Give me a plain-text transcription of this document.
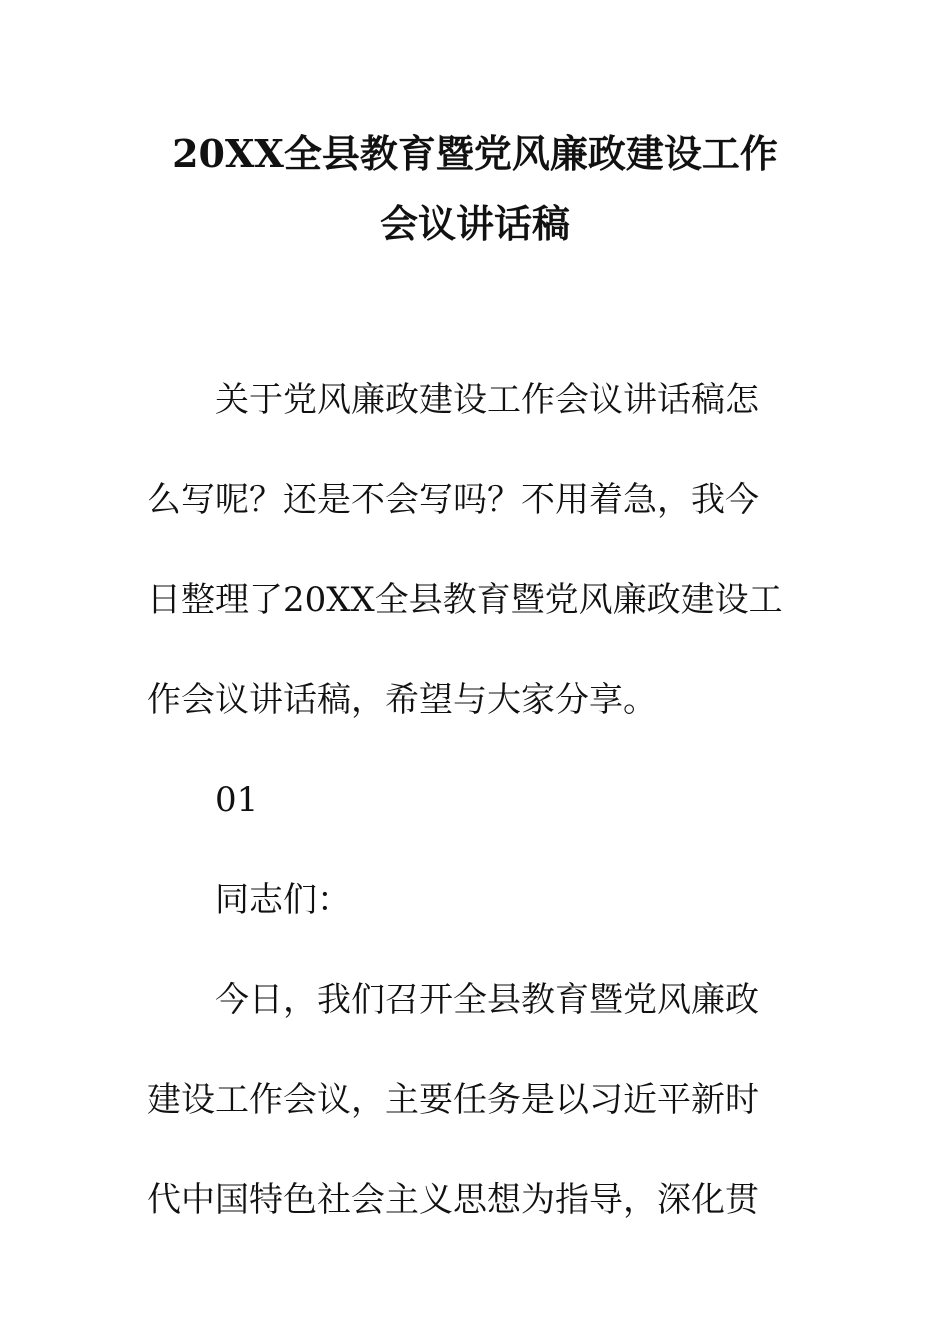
20XX全县教育暨党风廉政建设工作
会议讲话稿

关于党风廉政建设工作会议讲话稿怎

么写呢？还是不会写吗？不用着急，我今

日整理了20XX全县教育暨党风廉政建设工

作会议讲话稿，希望与大家分享。

01

同志们：

今日，我们召开全县教育暨党风廉政

建设工作会议，主要任务是以习近平新时

代中国特色社会主义思想为指导，深化贯
